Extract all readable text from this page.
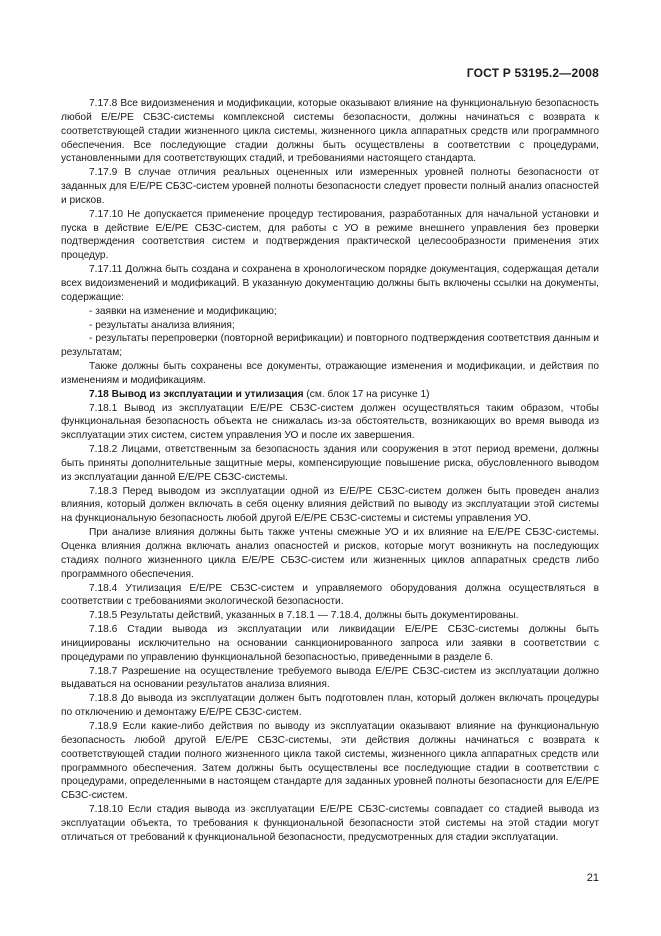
ГОСТ Р 53195.2—2008

7.17.8 Все видоизменения и модификации, которые оказывают влияние на функциональную безопасность любой Е/Е/РЕ СБЗС-системы комплексной системы безопасности, должны начинаться с возврата к соответствующей стадии жизненного цикла системы, жизненного цикла аппаратных средств или программного обеспечения. Все последующие стадии должны быть осуществлены в соответствии с процедурами, установленными для соответствующих стадий, и требованиями настоящего стандарта.

7.17.9 В случае отличия реальных оцененных или измеренных уровней полноты безопасности от заданных для Е/Е/РЕ СБЗС-систем уровней полноты безопасности следует провести полный анализ опасностей и рисков.

7.17.10 Не допускается применение процедур тестирования, разработанных для начальной установки и пуска в действие Е/Е/РЕ СБЗС-систем, для работы с УО в режиме внешнего управления без проверки подтверждения соответствия систем и подтверждения практической целесообразности применения этих процедур.

7.17.11 Должна быть создана и сохранена в хронологическом порядке документация, содержащая детали всех видоизменений и модификаций. В указанную документацию должны быть включены ссылки на документы, содержащие:

- заявки на изменение и модификацию;

- результаты анализа влияния;

- результаты перепроверки (повторной верификации) и повторного подтверждения соответствия данным и результатам;

Также должны быть сохранены все документы, отражающие изменения и модификации, и действия по изменениям и модификациям.

7.18 Вывод из эксплуатации и утилизация (см. блок 17 на рисунке 1)

7.18.1 Вывод из эксплуатации Е/Е/РЕ СБЗС-систем должен осуществляться таким образом, чтобы функциональная безопасность объекта не снижалась из-за обстоятельств, возникающих во время вывода из эксплуатации этих систем, систем управления УО и после их завершения.

7.18.2 Лицами, ответственным за безопасность здания или сооружения в этот период времени, должны быть приняты дополнительные защитные меры, компенсирующие повышение риска, обусловленного выводом из эксплуатации данной Е/Е/РЕ СБЗС-системы.

7.18.3 Перед выводом из эксплуатации одной из Е/Е/РЕ СБЗС-систем должен быть проведен анализ влияния, который должен включать в себя оценку влияния действий по выводу из эксплуатации этой системы на функциональную безопасность любой другой Е/Е/РЕ СБЗС-системы и системы управления УО.

При анализе влияния должны быть также учтены смежные УО и их влияние на Е/Е/РЕ СБЗС-системы. Оценка влияния должна включать анализ опасностей и рисков, которые могут возникнуть на последующих стадиях полного жизненного цикла Е/Е/РЕ СБЗС-систем или жизненных циклов аппаратных средств либо программного обеспечения.

7.18.4 Утилизация Е/Е/РЕ СБЗС-систем и управляемого оборудования должна осуществляться в соответствии с требованиями экологической безопасности.

7.18.5 Результаты действий, указанных в 7.18.1 — 7.18.4, должны быть документированы.

7.18.6 Стадии вывода из эксплуатации или ликвидации Е/Е/РЕ СБЗС-системы должны быть инициированы исключительно на основании санкционированного запроса или заявки в соответствии с процедурами по управлению функциональной безопасностью, приведенными в разделе 6.

7.18.7 Разрешение на осуществление требуемого вывода Е/Е/РЕ СБЗС-систем из эксплуатации должно выдаваться на основании результатов анализа влияния.

7.18.8 До вывода из эксплуатации должен быть подготовлен план, который должен включать процедуры по отключению и демонтажу Е/Е/РЕ СБЗС-систем.

7.18.9 Если какие-либо действия по выводу из эксплуатации оказывают влияние на функциональную безопасность любой другой Е/Е/РЕ СБЗС-системы, эти действия должны начинаться с возврата к соответствующей стадии полного жизненного цикла такой системы, жизненного цикла аппаратных средств или программного обеспечения. Затем должны быть осуществлены все последующие стадии в соответствии с процедурами, определенными в настоящем стандарте для заданных уровней полноты безопасности для Е/Е/РЕ СБЗС-систем.

7.18.10 Если стадия вывода из эксплуатации Е/Е/РЕ СБЗС-системы совпадает со стадией вывода из эксплуатации объекта, то требования к функциональной безопасности этой системы на этой стадии могут отличаться от требований к функциональной безопасности, предусмотренных для стадии эксплуатации.

21
